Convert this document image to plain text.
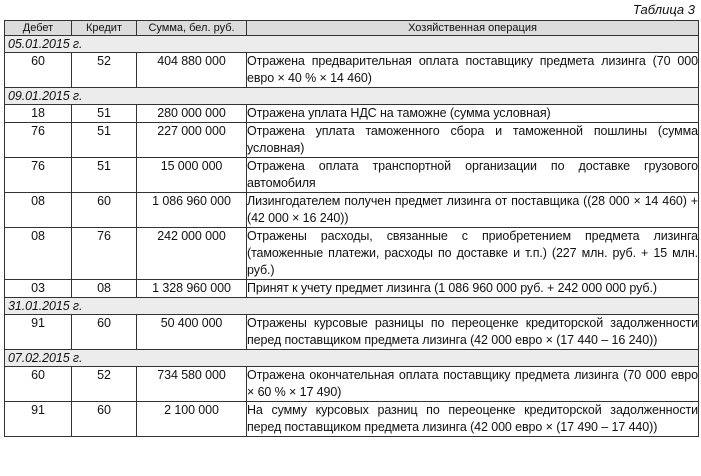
Таблица 3
Дебет	Кредит	Сумма, бел. руб.	Хозяйственная операция
05.01.2015 г.			
60	52	404 880 000	Отражена предварительная оплата поставщику предмета лизинга (70 000 евро × 40 % × 14 460)
09.01.2015 г.			
18	51	280 000 000	Отражена уплата НДС на таможне (сумма условная)
76	51	227 000 000	Отражена уплата таможенного сбора и таможенной пошлины (сумма условная)
76	51	15 000 000	Отражена оплата транспортной организации по доставке грузового автомобиля
08	60	1 086 960 000	Лизингодателем получен предмет лизинга от поставщика ((28 000 × 14 460) + (42 000 × 16 240))
08	76	242 000 000	Отражены расходы, связанные с приобретением предмета лизинга (таможенные платежи, расходы по доставке и т.п.) (227 млн. руб. + 15 млн. руб.)
03	08	1 328 960 000	Принят к учету предмет лизинга (1 086 960 000 руб. + 242 000 000 руб.)
31.01.2015 г.			
91	60	50 400 000	Отражены курсовые разницы по переоценке кредиторской задолженности перед поставщиком предмета лизинга (42 000 евро × (17 440 – 16 240))
07.02.2015 г.			
60	52	734 580 000	Отражена окончательная оплата поставщику предмета лизинга (70 000 евро × 60 % × 17 490)
91	60	2 100 000	На сумму курсовых разниц по переоценке кредиторской задолженности перед поставщиком предмета лизинга (42 000 евро × (17 490 – 17 440))
